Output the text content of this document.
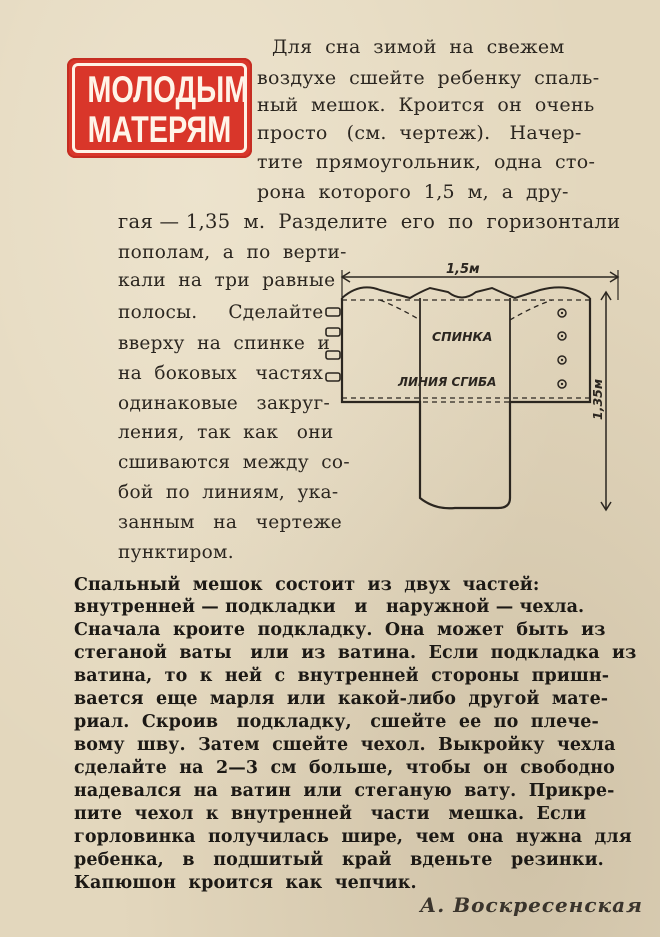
МОЛОДЫМ
МАТЕРЯМ
Для  сна  зимой  на  свежем
воздухе  сшейте  ребенку  спаль-
ный  мешок.  Кроится  он  очень
просто   (см.  чертеж).   Начер-
тите  прямоугольник,  одна  сто-
рона  которого  1,5  м,  а  дру-
гая — 1,35  м.  Разделите  его  по  горизонтали
пополам,  а  по  верти-
кали  на  три  равные
полосы.     Сделайте
вверху  на  спинке  и
на  боковых   частях
одинаковые   закруг-
ления,  так  как   они
сшиваются  между  со-
бой  по  линиям,  ука-
занным   на   чертеже
пунктиром.
1,5м
СПИНКА
ЛИНИЯ СГИБА	1,35м
Спальный  мешок  состоит  из  двух  частей:
внутренней — подкладки   и   наружной — чехла.
Сначала  кроите  подкладку.  Она  может  быть  из
стеганой  ваты   или  из  ватина.  Если  подкладка  из
ватина,  то  к  ней  с  внутренней  стороны  пришн-
вается  еще  марля  или  какой-либо  другой  мате-
риал.  Скроив   подкладку,   сшейте  ее  по  плече-
вому  шву.  Затем  сшейте  чехол.  Выкройку  чехла
сделайте  на  2—3  см  больше,  чтобы  он  свободно
надевался  на  ватин  или  стеганую  вату.  Прикре-
пите  чехол  к  внутренней   части   мешка.  Если
горловинка  получилась  шире,  чем  она  нужна  для
ребенка,   в   подшитый   край   вденьте   резинки.
Капюшон  кроится  как  чепчик.
А. Воскресенская
